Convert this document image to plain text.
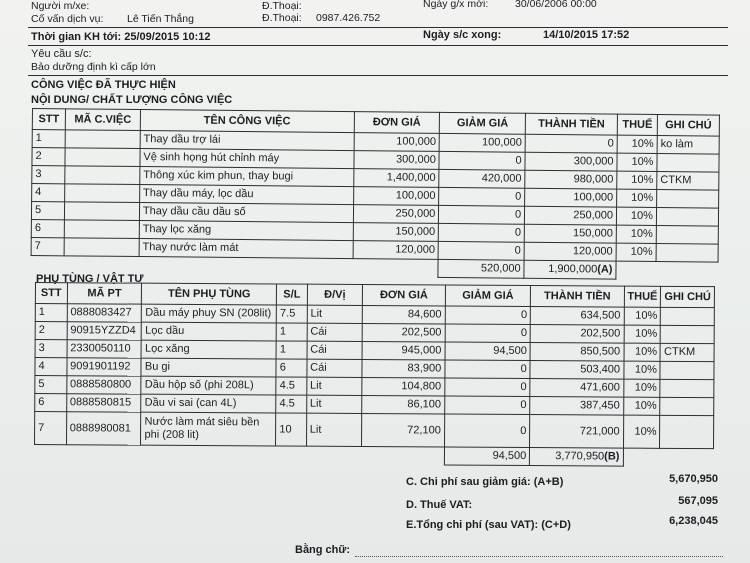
Người m/xe:	Đ.Thoại:	Ngày g/x mới:	30/06/2006 00:00
Cố vấn dịch vụ: Lê Tiến Thắng	Đ.Thoại: 0987.426.752
Thời gian KH tới: 25/09/2015 10:12	Ngày s/c xong:	14/10/2015 17:52
Yêu cầu s/c:
Bảo dưỡng định kì cấp lớn
CÔNG VIỆC ĐÃ THỰC HIỆN
NỘI DUNG/ CHẤT LƯỢNG CÔNG VIỆC
STT	MÃ C.VIỆC	TÊN CÔNG VIỆC	ĐƠN GIÁ	GIẢM GIÁ	THÀNH TIỀN	THUẾ	GHI CHÚ
1		Thay dầu trợ lái	100,000	100,000	0	10%	ko làm
2		Vệ sinh họng hút chỉnh máy	300,000	0	300,000	10%	
3		Thông xúc kim phun, thay bugi	1,400,000	420,000	980,000	10%	CTKM
4		Thay dầu máy, lọc dầu	100,000	0	100,000	10%	
5		Thay dầu cầu dầu số	250,000	0	250,000	10%	
6		Thay lọc xăng	150,000	0	150,000	10%	
7		Thay nước làm mát	120,000	0	120,000	10%	
				520,000	1,900,000(A)		
PHỤ TÙNG / VẬT TƯ
STT	MÃ PT	TÊN PHỤ TÙNG	S/L	Đ/Vị	ĐƠN GIÁ	GIẢM GIÁ	THÀNH TIỀN	THUẾ	GHI CHÚ
1	0888083427	Dầu máy phuy SN (208lit)	7.5	Lit	84,600	0	634,500	10%	
2	90915YZZD4	Lọc dầu	1	Cái	202,500	0	202,500	10%	
3	2330050110	Lọc xăng	1	Cái	945,000	94,500	850,500	10%	CTKM
4	9091901192	Bu gi	6	Cái	83,900	0	503,400	10%	
5	0888580800	Dầu hộp số (phi 208L)	4.5	Lit	104,800	0	471,600	10%	
6	0888580815	Dầu vi sai (can 4L)	4.5	Lit	86,100	0	387,450	10%	
7	0888980081	Nước làm mát siêu bền phi (208 lit)	10	Lit	72,100	0	721,000	10%	
						94,500	3,770,950(B)		
C. Chi phí sau giảm giá: (A+B)	5,670,950
D. Thuế VAT:	567,095
E.Tổng chi phí (sau VAT): (C+D)	6,238,045
Bằng chữ:
